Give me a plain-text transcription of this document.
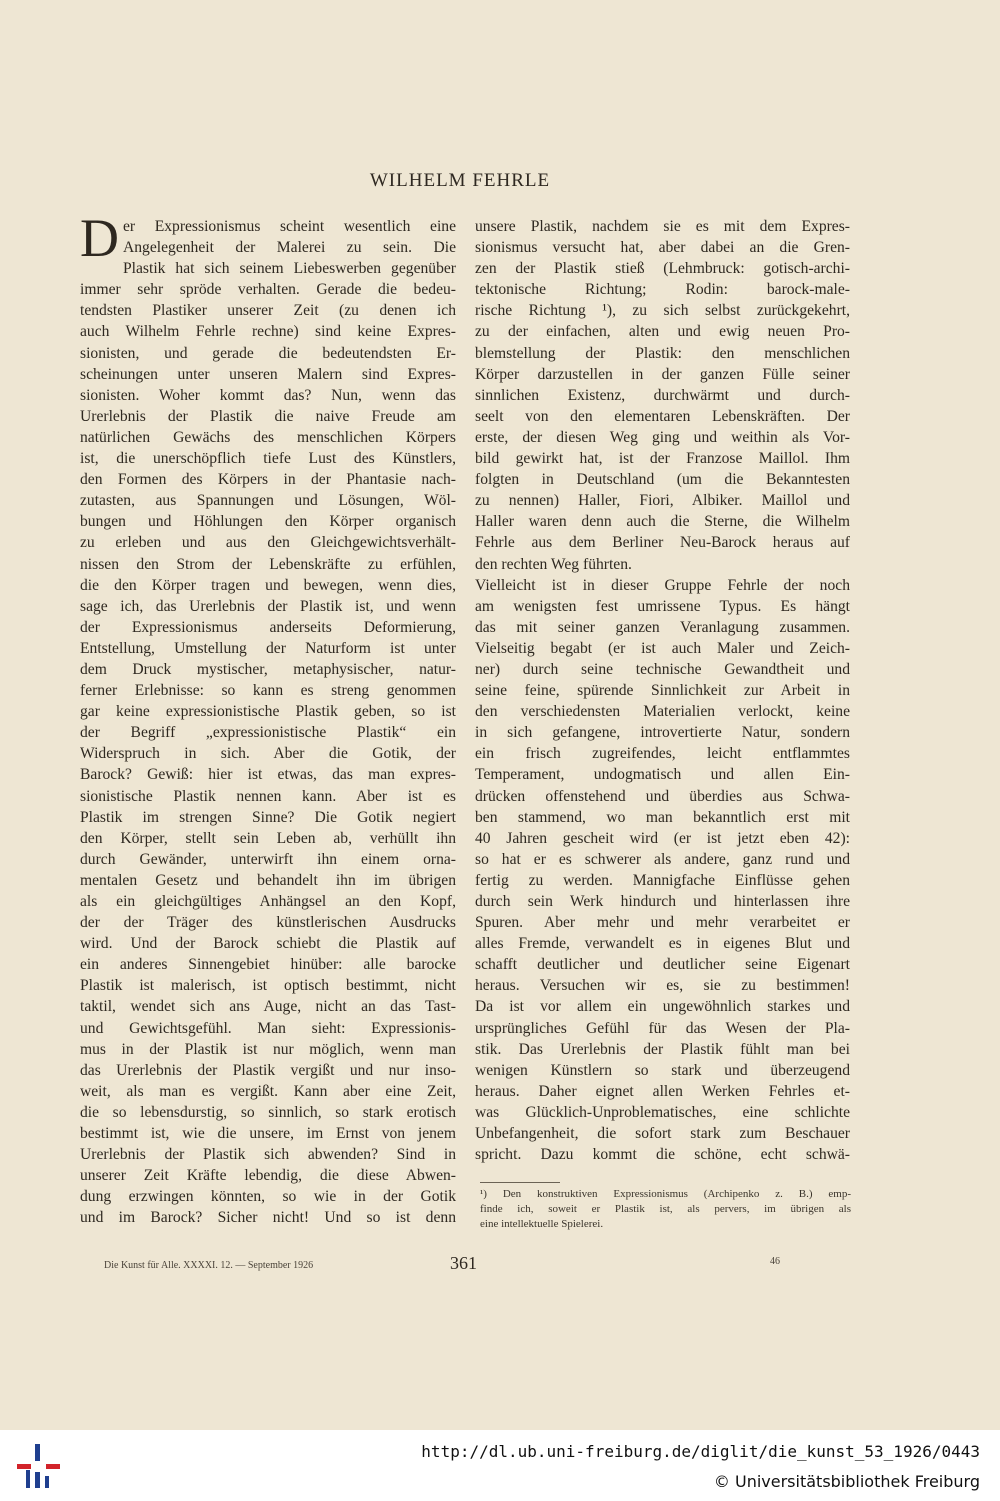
WILHELM FEHRLE
D er Expressionismus scheint wesentlich eine
Angelegenheit der Malerei zu sein. Die
Plastik hat sich seinem Liebeswerben gegenüber
immer sehr spröde verhalten. Gerade die bedeu-
tendsten Plastiker unserer Zeit (zu denen ich
auch Wilhelm Fehrle rechne) sind keine Expres-
sionisten, und gerade die bedeutendsten Er-
scheinungen unter unseren Malern sind Expres-
sionisten. Woher kommt das? Nun, wenn das
Urerlebnis der Plastik die naive Freude am
natürlichen Gewächs des menschlichen Körpers
ist, die unerschöpflich tiefe Lust des Künstlers,
den Formen des Körpers in der Phantasie nach-
zutasten, aus Spannungen und Lösungen, Wöl-
bungen und Höhlungen den Körper organisch
zu erleben und aus den Gleichgewichtsverhält-
nissen den Strom der Lebenskräfte zu erfühlen,
die den Körper tragen und bewegen, wenn dies,
sage ich, das Urerlebnis der Plastik ist, und wenn
der Expressionismus anderseits Deformierung,
Entstellung, Umstellung der Naturform ist unter
dem Druck mystischer, metaphysischer, natur-
ferner Erlebnisse: so kann es streng genommen
gar keine expressionistische Plastik geben, so ist
der Begriff „expressionistische Plastik“ ein
Widerspruch in sich. Aber die Gotik, der
Barock? Gewiß: hier ist etwas, das man expres-
sionistische Plastik nennen kann. Aber ist es
Plastik im strengen Sinne? Die Gotik negiert
den Körper, stellt sein Leben ab, verhüllt ihn
durch Gewänder, unterwirft ihn einem orna-
mentalen Gesetz und behandelt ihn im übrigen
als ein gleichgültiges Anhängsel an den Kopf,
der der Träger des künstlerischen Ausdrucks
wird. Und der Barock schiebt die Plastik auf
ein anderes Sinnengebiet hinüber: alle barocke
Plastik ist malerisch, ist optisch bestimmt, nicht
taktil, wendet sich ans Auge, nicht an das Tast-
und Gewichtsgefühl. Man sieht: Expressionis-
mus in der Plastik ist nur möglich, wenn man
das Urerlebnis der Plastik vergißt und nur inso-
weit, als man es vergißt. Kann aber eine Zeit,
die so lebensdurstig, so sinnlich, so stark erotisch
bestimmt ist, wie die unsere, im Ernst von jenem
Urerlebnis der Plastik sich abwenden? Sind in
unserer Zeit Kräfte lebendig, die diese Abwen-
dung erzwingen könnten, so wie in der Gotik
und im Barock? Sicher nicht! Und so ist denn
unsere Plastik, nachdem sie es mit dem Expres-
sionismus versucht hat, aber dabei an die Gren-
zen der Plastik stieß (Lehmbruck: gotisch-archi-
tektonische Richtung; Rodin: barock-male-
rische Richtung ¹), zu sich selbst zurückgekehrt,
zu der einfachen, alten und ewig neuen Pro-
blemstellung der Plastik: den menschlichen
Körper darzustellen in der ganzen Fülle seiner
sinnlichen Existenz, durchwärmt und durch-
seelt von den elementaren Lebenskräften. Der
erste, der diesen Weg ging und weithin als Vor-
bild gewirkt hat, ist der Franzose Maillol. Ihm
folgten in Deutschland (um die Bekanntesten
zu nennen) Haller, Fiori, Albiker. Maillol und
Haller waren denn auch die Sterne, die Wilhelm
Fehrle aus dem Berliner Neu-Barock heraus auf
den rechten Weg führten.
Vielleicht ist in dieser Gruppe Fehrle der noch
am wenigsten fest umrissene Typus. Es hängt
das mit seiner ganzen Veranlagung zusammen.
Vielseitig begabt (er ist auch Maler und Zeich-
ner) durch seine technische Gewandtheit und
seine feine, spürende Sinnlichkeit zur Arbeit in
den verschiedensten Materialien verlockt, keine
in sich gefangene, introvertierte Natur, sondern
ein frisch zugreifendes, leicht entflammtes
Temperament, undogmatisch und allen Ein-
drücken offenstehend und überdies aus Schwa-
ben stammend, wo man bekanntlich erst mit
40 Jahren gescheit wird (er ist jetzt eben 42):
so hat er es schwerer als andere, ganz rund und
fertig zu werden. Mannigfache Einflüsse gehen
durch sein Werk hindurch und hinterlassen ihre
Spuren. Aber mehr und mehr verarbeitet er
alles Fremde, verwandelt es in eigenes Blut und
schafft deutlicher und deutlicher seine Eigenart
heraus. Versuchen wir es, sie zu bestimmen!
Da ist vor allem ein ungewöhnlich starkes und
ursprüngliches Gefühl für das Wesen der Pla-
stik. Das Urerlebnis der Plastik fühlt man bei
wenigen Künstlern so stark und überzeugend
heraus. Daher eignet allen Werken Fehrles et-
was Glücklich-Unproblematisches, eine schlichte
Unbefangenheit, die sofort stark zum Beschauer
spricht. Dazu kommt die schöne, echt schwä-
¹) Den konstruktiven Expressionismus (Archipenko z. B.) emp-
finde ich, soweit er Plastik ist, als pervers, im übrigen als
eine intellektuelle Spielerei.
Die Kunst für Alle. XXXXI. 12. — September 1926	361	46
http://dl.ub.uni-freiburg.de/diglit/die_kunst_53_1926/0443
© Universitätsbibliothek Freiburg
